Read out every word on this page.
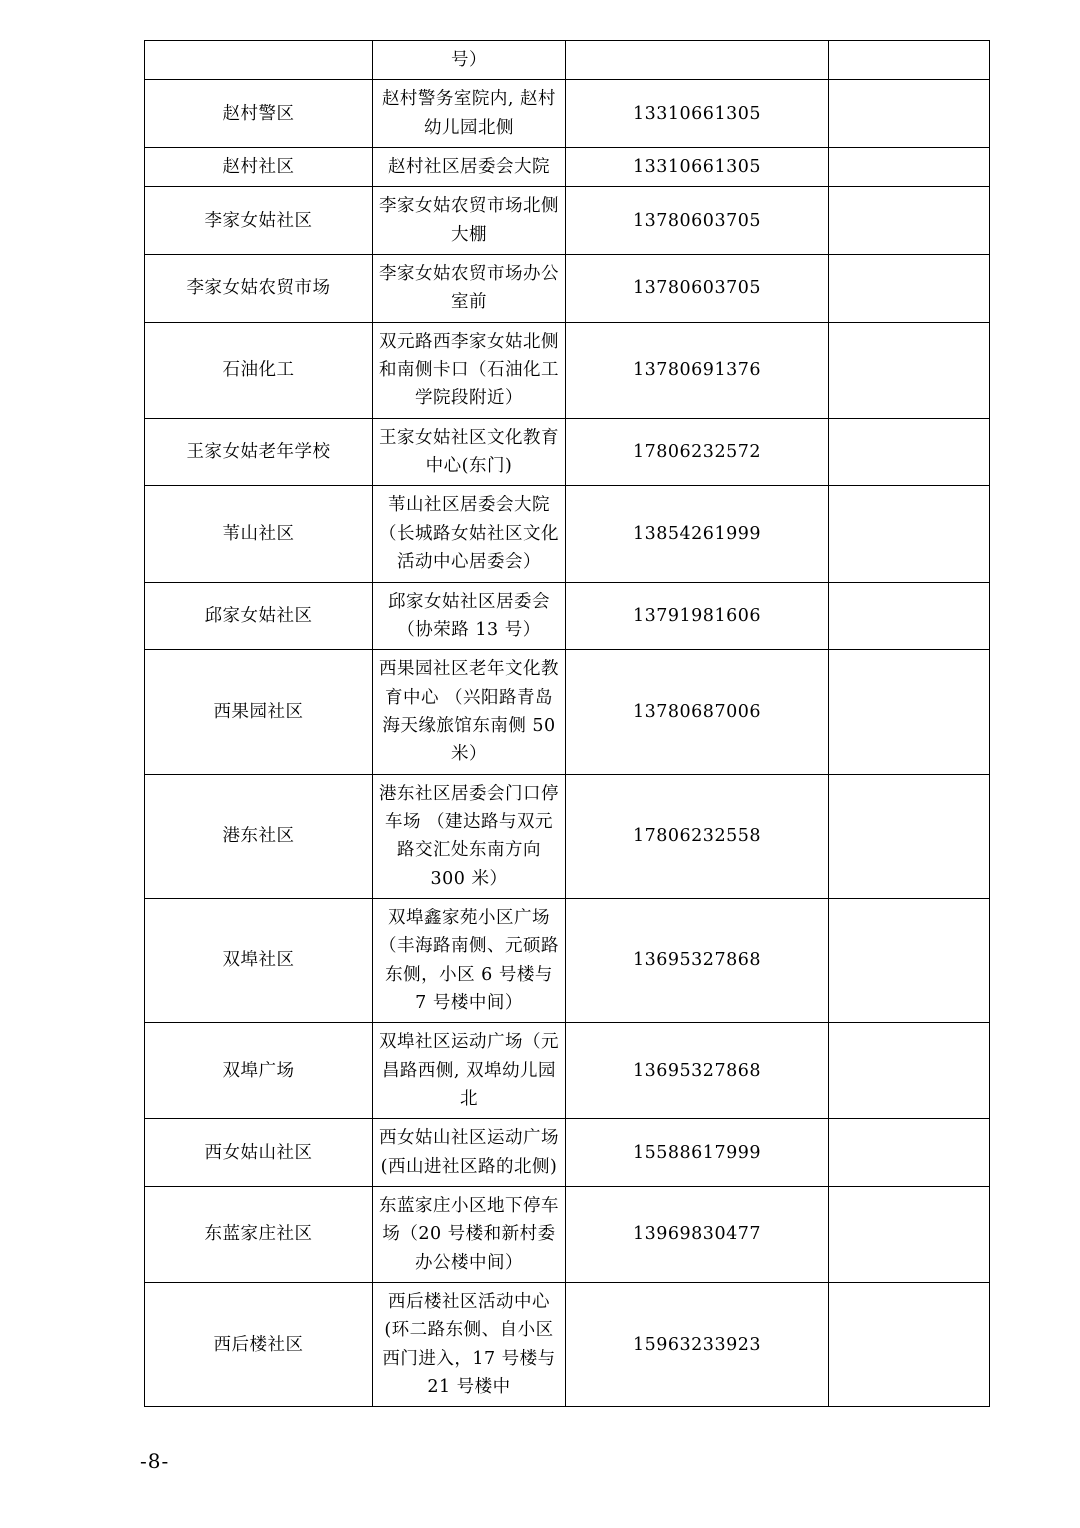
	号）		
赵村警区	赵村警务室院内, 赵村幼儿园北侧	13310661305	
赵村社区	赵村社区居委会大院	13310661305	
李家女姑社区	李家女姑农贸市场北侧大棚	13780603705	
李家女姑农贸市场	李家女姑农贸市场办公室前	13780603705	
石油化工	双元路西李家女姑北侧和南侧卡口（石油化工学院段附近）	13780691376	
王家女姑老年学校	王家女姑社区文化教育中心(东门)	17806232572	
苇山社区	苇山社区居委会大院 （长城路女姑社区文化活动中心居委会）	13854261999	
邱家女姑社区	邱家女姑社区居委会（协荣路 13 号）	13791981606	
西果园社区	西果园社区老年文化教育中心 （兴阳路青岛海天缘旅馆东南侧 50 米）	13780687006	
港东社区	港东社区居委会门口停车场 （建达路与双元路交汇处东南方向 300 米）	17806232558	
双埠社区	双埠鑫家苑小区广场 （丰海路南侧、元硕路东侧，小区 6 号楼与 7 号楼中间）	13695327868	
双埠广场	双埠社区运动广场（元昌路西侧, 双埠幼儿园北	13695327868	
西女姑山社区	西女姑山社区运动广场(西山进社区路的北侧)	15588617999	
东蓝家庄社区	东蓝家庄小区地下停车场（20 号楼和新村委办公楼中间）	13969830477	
西后楼社区	西后楼社区活动中心(环二路东侧、自小区西门进入，17 号楼与 21 号楼中	15963233923	
-8-
